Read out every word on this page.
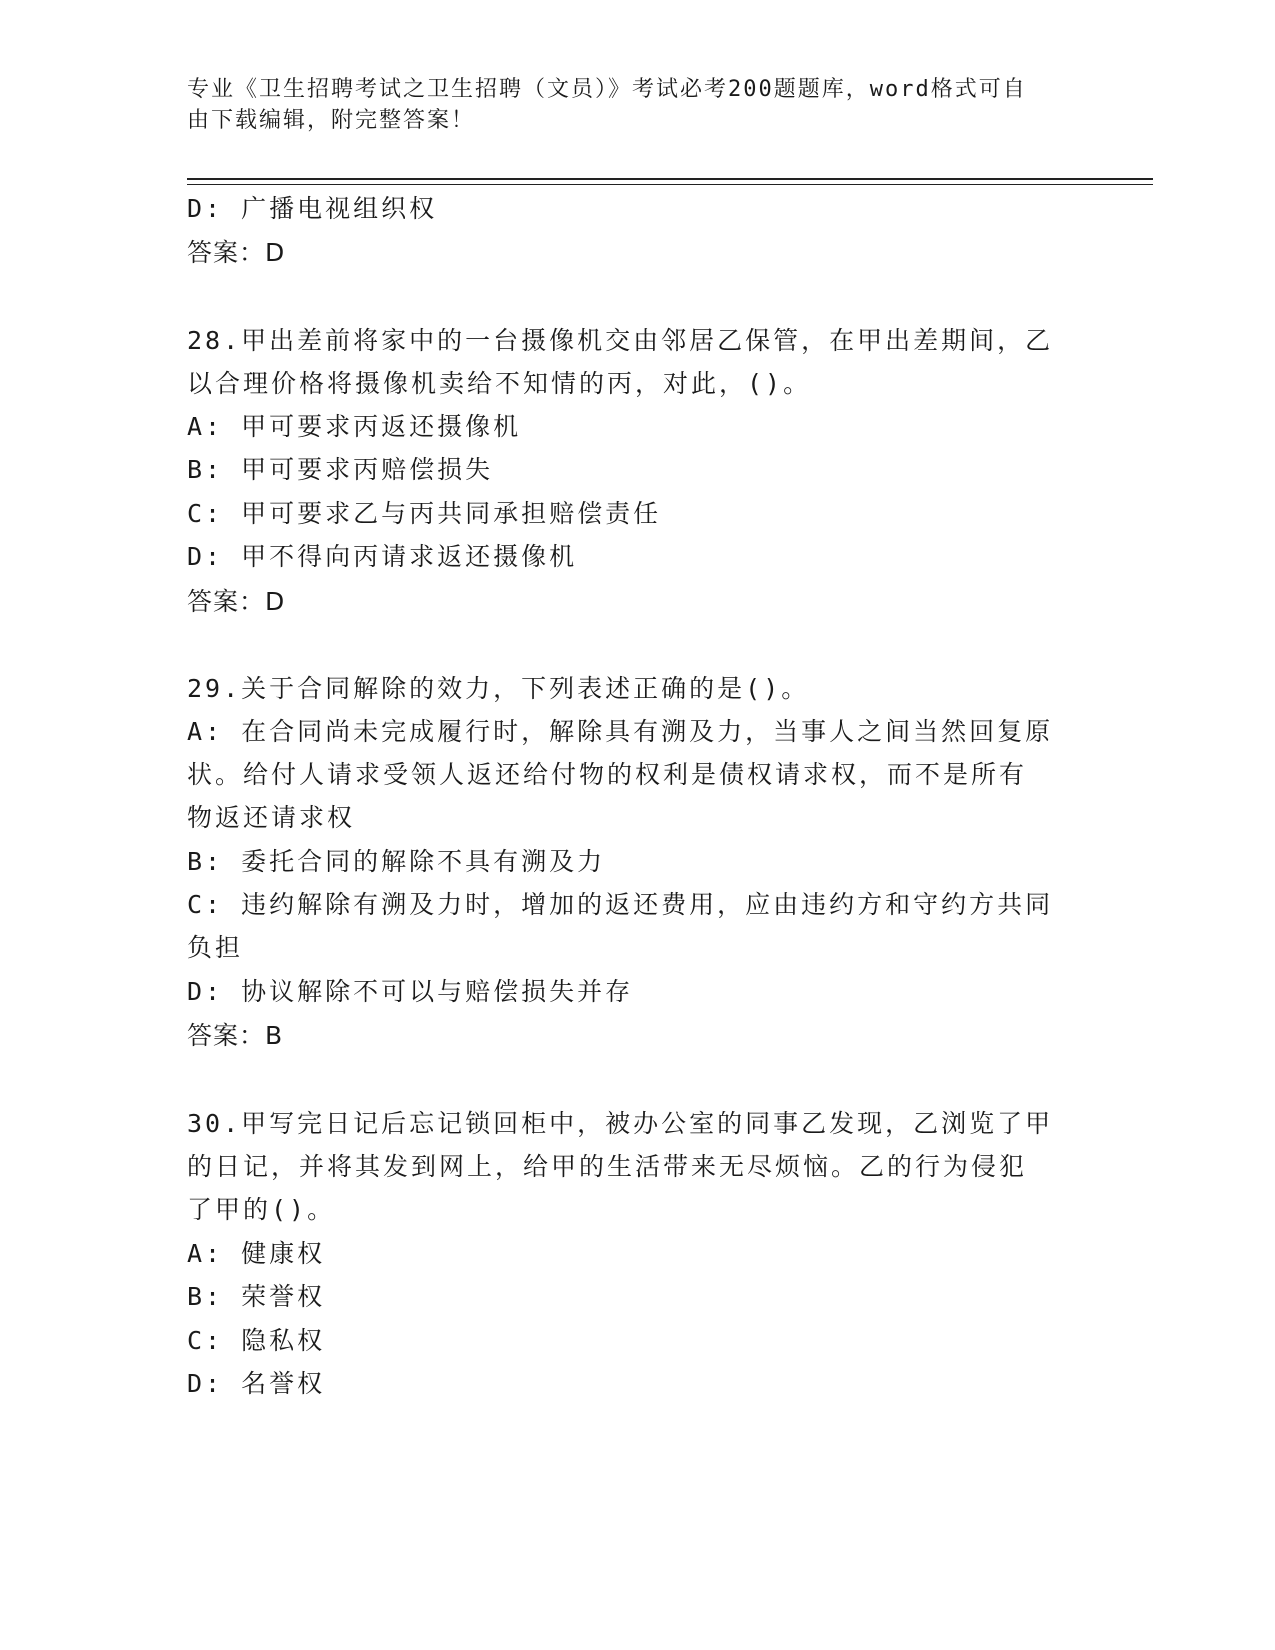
专业《卫生招聘考试之卫生招聘（文员）》考试必考200题题库，word格式可自
由下载编辑，附完整答案！
D: 广播电视组织权
答案：D
28.甲出差前将家中的一台摄像机交由邻居乙保管，在甲出差期间，乙
以合理价格将摄像机卖给不知情的丙，对此，()。
A: 甲可要求丙返还摄像机
B: 甲可要求丙赔偿损失
C: 甲可要求乙与丙共同承担赔偿责任
D: 甲不得向丙请求返还摄像机
答案：D
29.关于合同解除的效力，下列表述正确的是()。
A: 在合同尚未完成履行时，解除具有溯及力，当事人之间当然回复原
状。给付人请求受领人返还给付物的权利是债权请求权，而不是所有
物返还请求权
B: 委托合同的解除不具有溯及力
C: 违约解除有溯及力时，增加的返还费用，应由违约方和守约方共同
负担
D: 协议解除不可以与赔偿损失并存
答案：B
30.甲写完日记后忘记锁回柜中，被办公室的同事乙发现，乙浏览了甲
的日记，并将其发到网上，给甲的生活带来无尽烦恼。乙的行为侵犯
了甲的()。
A: 健康权
B: 荣誉权
C: 隐私权
D: 名誉权
